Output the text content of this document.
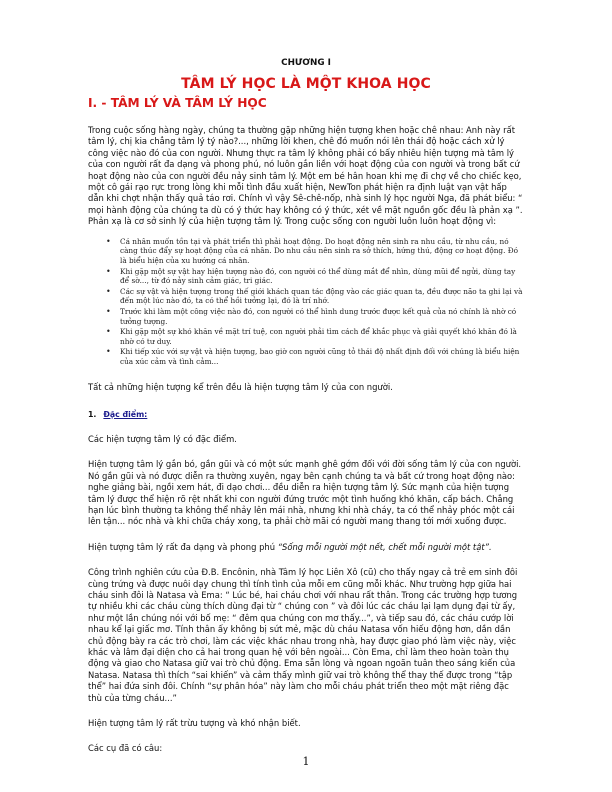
CHƯƠNG I

TÂM LÝ HỌC LÀ MỘT KHOA HỌC
I. - TÂM LÝ VÀ TÂM LÝ HỌC

Trong cuộc sống hàng ngày, chúng ta thường gặp những hiện tượng khen hoặc chê nhau: Anh này rất tâm lý, chị kia chẳng tâm lý tý nào?..., những lời khen, chê đó muốn nói lên thái độ hoặc cách xử lý công việc nào đó của con người. Nhưng thực ra tâm lý không phải có bấy nhiêu hiện tượng mà tâm lý của con người rất đa dạng và phong phú, nó luôn gắn liền với hoạt động của con người và trong bất cứ hoạt động nào của con người đều nảy sinh tâm lý. Một em bé hân hoan khi mẹ đi chợ về cho chiếc kẹo, một cô gái rạo rực trong lòng khi mỗi tình đầu xuất hiện, NewTon phát hiện ra định luật vạn vật hấp dẫn khi chợt nhận thấy quả táo rơi. Chính vì vậy Sê-chê-nốp, nhà sinh lý học người Nga, đã phát biểu: “ mọi hành động của chúng ta dù có ý thức hay không có ý thức, xét về mặt nguồn gốc đều là phản xạ ”. Phản xạ là cơ sở sinh lý của hiện tượng tâm lý. Trong cuộc sống con người luôn luôn hoạt động vì:

• Cá nhân muốn tồn tại và phát triển thì phải hoạt động. Do hoạt động nên sinh ra nhu cầu, từ nhu cầu, nó càng thúc đẩy sự hoạt động của cá nhân. Do nhu cầu nên sinh ra sở thích, hứng thú, động cơ hoạt động. Đó là biểu hiện của xu hướng cá nhân.
• Khi gặp một sự vật hay hiện tượng nào đó, con người có thể dùng mắt để nhìn, dùng mũi để ngửi, dùng tay để sờ..., từ đó nảy sinh cảm giác, tri giác.
• Các sự vật và hiện tượng trong thế giới khách quan tác động vào các giác quan ta, đều được não ta ghi lại và đến một lúc nào đó, ta có thể hồi tưởng lại, đó là trí nhớ.
• Trước khi làm một công việc nào đó, con người có thể hình dung trước được kết quả của nó chính là nhờ có tưởng tượng.
• Khi gặp một sự khó khăn về mặt trí tuệ, con người phải tìm cách để khắc phục và giải quyết khó khăn đó là nhờ có tư duy.
• Khi tiếp xúc với sự vật và hiện tượng, bao giờ con người cũng tỏ thái độ nhất định đối với chúng là biểu hiện của xúc cảm và tình cảm...

Tất cả những hiện tượng kể trên đều là hiện tượng tâm lý của con người.

1. Đặc điểm:

Các hiện tượng tâm lý có đặc điểm.

Hiện tượng tâm lý gắn bó, gần gũi và có một sức mạnh ghê gớm đối với đời sống tâm lý của con người. Nó gần gũi và nó được diễn ra thường xuyên, ngay bên cạnh chúng ta và bất cứ trong hoạt động nào: nghe giảng bài, ngồi xem hát, đi dạo chơi... đều diễn ra hiện tượng tâm lý. Sức mạnh của hiện tượng tâm lý được thể hiện rõ rệt nhất khi con người đứng trước một tình huống khó khăn, cấp bách. Chẳng hạn lúc bình thường ta không thể nhảy lên mái nhà, nhưng khi nhà cháy, ta có thể nhảy phóc một cái lên tận... nóc nhà và khi chữa cháy xong, ta phải chờ mãi có người mang thang tới mới xuống được.

Hiện tượng tâm lý rất đa dạng và phong phú “Sống mỗi người một nết, chết mỗi người một tật”.

Công trình nghiên cứu của Đ.B. Encônin, nhà Tâm lý học Liên Xô (cũ) cho thấy ngay cả trẻ em sinh đôi cùng trứng và được nuôi dạy chung thì tính tình của mỗi em cũng mỗi khác. Như trường hợp giữa hai cháu sinh đôi là Natasa và Ema: “ Lúc bé, hai cháu chơi với nhau rất thân. Trong các trường hợp tương tự nhiều khi các cháu cùng thích dùng đại từ “ chúng con ” và đôi lúc các cháu lại lạm dụng đại từ ấy, như một lần chúng nói với bố mẹ: “ đêm qua chúng con mơ thấy...”, và tiếp sau đó, các cháu cướp lời nhau kể lại giấc mơ. Tính thân ấy không bị sứt mẻ, mặc dù cháu Natasa vốn hiếu động hơn, dần dần chủ động bày ra các trò chơi, làm các việc khác nhau trong nhà, hay được giao phó làm việc này, việc khác và lâm đại diện cho cả hai trong quan hệ với bên ngoài... Còn Ema, chỉ làm theo hoàn toàn thụ động và giao cho Natasa giữ vai trò chủ động. Ema sẵn lòng và ngoan ngoãn tuân theo sáng kiến của Natasa. Natasa thì thích “sai khiến” và cảm thấy mình giữ vai trò không thể thay thế được trong “tập thể” hai đứa sinh đôi. Chính “sự phân hóa” này làm cho mỗi cháu phát triển theo một mặt riêng đặc thù của từng cháu...”

Hiện tượng tâm lý rất trừu tượng và khó nhận biết.

Các cụ đã có câu:

1
